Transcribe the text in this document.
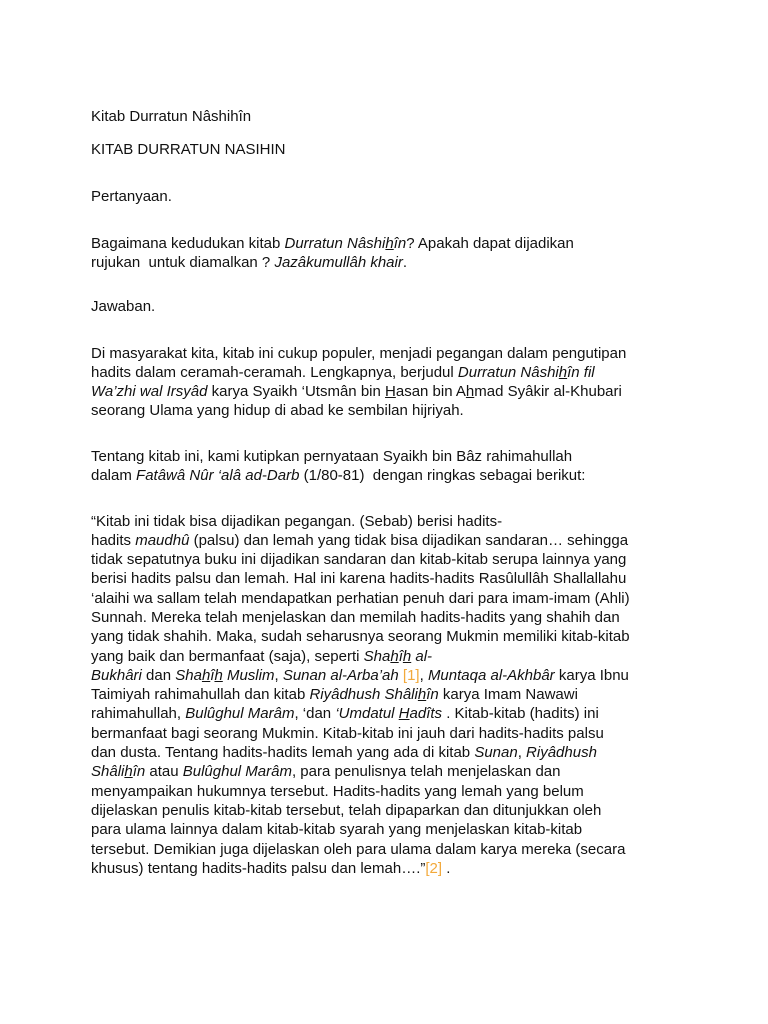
Kitab Durratun Nâshihîn
KITAB DURRATUN NASIHIN
Pertanyaan.
Bagaimana kedudukan kitab Durratun Nâshihîn? Apakah dapat dijadikan
rujukan  untuk diamalkan ? Jazâkumullâh khair.
Jawaban.
Di masyarakat kita, kitab ini cukup populer, menjadi pegangan dalam pengutipan
hadits dalam ceramah-ceramah. Lengkapnya, berjudul Durratun Nâshihîn fil
Wa’zhi wal Irsyâd karya Syaikh ‘Utsmân bin Hasan bin Ahmad Syâkir al-Khubari
seorang Ulama yang hidup di abad ke sembilan hijriyah.
Tentang kitab ini, kami kutipkan pernyataan Syaikh bin Bâz rahimahullah
dalam Fatâwâ Nûr ‘alâ ad-Darb (1/80-81)  dengan ringkas sebagai berikut:
“Kitab ini tidak bisa dijadikan pegangan. (Sebab) berisi hadits-
hadits maudhû (palsu) dan lemah yang tidak bisa dijadikan sandaran… sehingga
tidak sepatutnya buku ini dijadikan sandaran dan kitab-kitab serupa lainnya yang
berisi hadits palsu dan lemah. Hal ini karena hadits-hadits Rasûlullâh Shallallahu
‘alaihi wa sallam telah mendapatkan perhatian penuh dari para imam-imam (Ahli)
Sunnah. Mereka telah menjelaskan dan memilah hadits-hadits yang shahih dan
yang tidak shahih. Maka, sudah seharusnya seorang Mukmin memiliki kitab-kitab
yang baik dan bermanfaat (saja), seperti Shahîh al-
Bukhâri dan Shahîh Muslim, Sunan al-Arba’ah [1], Muntaqa al-Akhbâr karya Ibnu
Taimiyah rahimahullah dan kitab Riyâdhush Shâlihîn karya Imam Nawawi
rahimahullah, Bulûghul Marâm, ‘dan ‘Umdatul Hadîts . Kitab-kitab (hadits) ini
bermanfaat bagi seorang Mukmin. Kitab-kitab ini jauh dari hadits-hadits palsu
dan dusta. Tentang hadits-hadits lemah yang ada di kitab Sunan, Riyâdhush
Shâlihîn atau Bulûghul Marâm, para penulisnya telah menjelaskan dan
menyampaikan hukumnya tersebut. Hadits-hadits yang lemah yang belum
dijelaskan penulis kitab-kitab tersebut, telah dipaparkan dan ditunjukkan oleh
para ulama lainnya dalam kitab-kitab syarah yang menjelaskan kitab-kitab
tersebut. Demikian juga dijelaskan oleh para ulama dalam karya mereka (secara
khusus) tentang hadits-hadits palsu dan lemah….”[2] .
